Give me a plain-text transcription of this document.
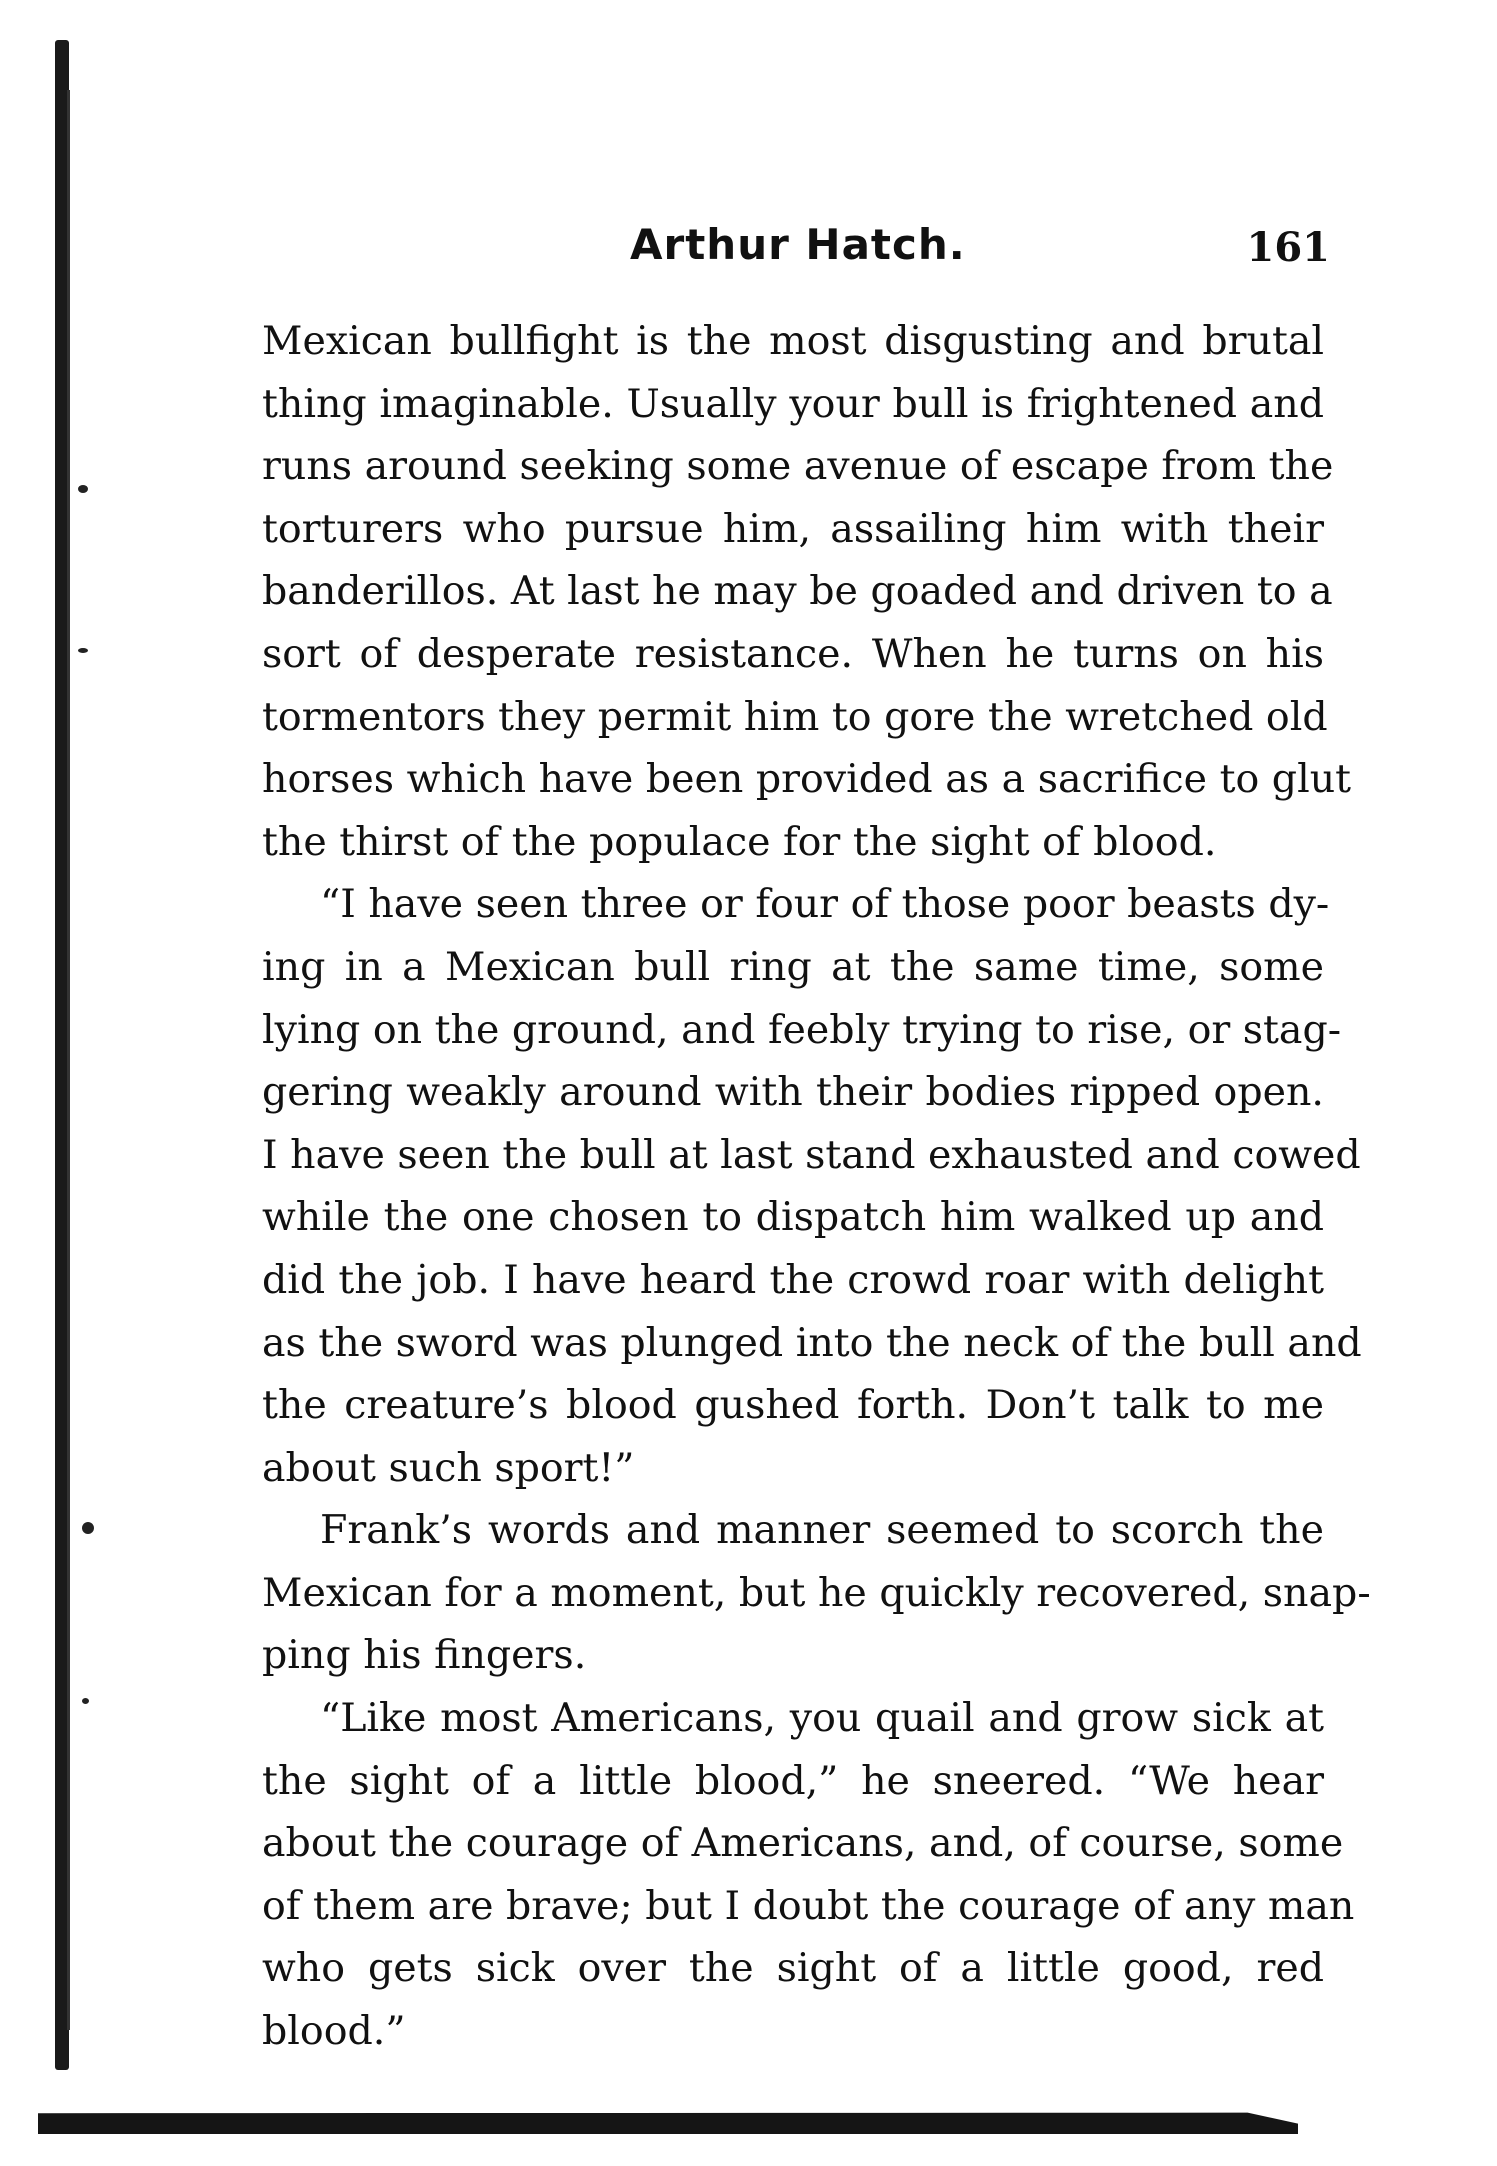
Arthur Hatch.	161
Mexican bullfight is the most disgusting and brutal
thing imaginable. Usually your bull is frightened and
runs around seeking some avenue of escape from the
torturers who pursue him, assailing him with their
banderillos. At last he may be goaded and driven to a
sort of desperate resistance. When he turns on his
tormentors they permit him to gore the wretched old
horses which have been provided as a sacrifice to glut
the thirst of the populace for the sight of blood.
“I have seen three or four of those poor beasts dy-
ing in a Mexican bull ring at the same time, some
lying on the ground, and feebly trying to rise, or stag-
gering weakly around with their bodies ripped open.
I have seen the bull at last stand exhausted and cowed
while the one chosen to dispatch him walked up and
did the job. I have heard the crowd roar with delight
as the sword was plunged into the neck of the bull and
the creature’s blood gushed forth. Don’t talk to me
about such sport!”
Frank’s words and manner seemed to scorch the
Mexican for a moment, but he quickly recovered, snap-
ping his fingers.
“Like most Americans, you quail and grow sick at
the sight of a little blood,” he sneered. “We hear
about the courage of Americans, and, of course, some
of them are brave; but I doubt the courage of any man
who gets sick over the sight of a little good, red
blood.”
